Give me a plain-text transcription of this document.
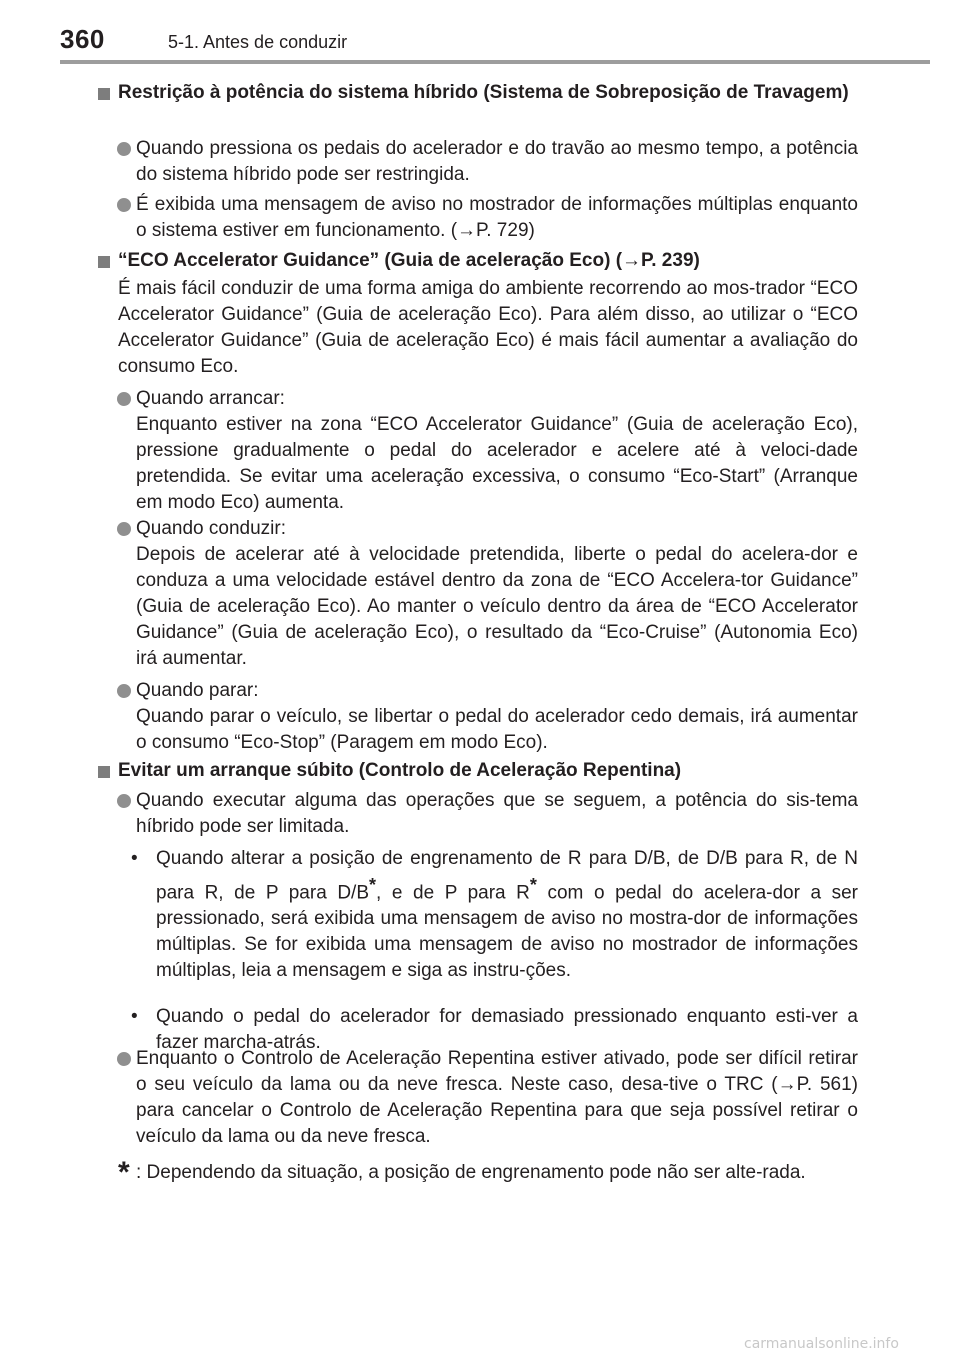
360	5-1. Antes de conduzir
Restrição à potência do sistema híbrido (Sistema de Sobreposição de Travagem)
Quando pressiona os pedais do acelerador e do travão ao mesmo tempo, a potência do sistema híbrido pode ser restringida.
É exibida uma mensagem de aviso no mostrador de informações múltiplas enquanto o sistema estiver em funcionamento. (→P. 729)
“ECO Accelerator Guidance” (Guia de aceleração Eco) (→P. 239)
É mais fácil conduzir de uma forma amiga do ambiente recorrendo ao mos-trador “ECO Accelerator Guidance” (Guia de aceleração Eco). Para além disso, ao utilizar o “ECO Accelerator Guidance” (Guia de aceleração Eco) é mais fácil aumentar a avaliação do consumo Eco.
Quando arrancar:
Enquanto estiver na zona “ECO Accelerator Guidance” (Guia de aceleração Eco), pressione gradualmente o pedal do acelerador e acelere até à veloci-dade pretendida. Se evitar uma aceleração excessiva, o consumo “Eco-Start” (Arranque em modo Eco) aumenta.
Quando conduzir:
Depois de acelerar até à velocidade pretendida, liberte o pedal do acelera-dor e conduza a uma velocidade estável dentro da zona de “ECO Accelera-tor Guidance” (Guia de aceleração Eco). Ao manter o veículo dentro da área de “ECO Accelerator Guidance” (Guia de aceleração Eco), o resultado da “Eco-Cruise” (Autonomia Eco) irá aumentar.
Quando parar:
Quando parar o veículo, se libertar o pedal do acelerador cedo demais, irá aumentar o consumo “Eco-Stop” (Paragem em modo Eco).
Evitar um arranque súbito (Controlo de Aceleração Repentina)
Quando executar alguma das operações que se seguem, a potência do sis-tema híbrido pode ser limitada.
• Quando alterar a posição de engrenamento de R para D/B, de D/B para R, de N para R, de P para D/B*, e de P para R* com o pedal do acelera-dor a ser pressionado, será exibida uma mensagem de aviso no mostra-dor de informações múltiplas. Se for exibida uma mensagem de aviso no mostrador de informações múltiplas, leia a mensagem e siga as instru-ções.
• Quando o pedal do acelerador for demasiado pressionado enquanto esti-ver a fazer marcha-atrás.
Enquanto o Controlo de Aceleração Repentina estiver ativado, pode ser difícil retirar o seu veículo da lama ou da neve fresca. Neste caso, desa-tive o TRC (→P. 561) para cancelar o Controlo de Aceleração Repentina para que seja possível retirar o veículo da lama ou da neve fresca.
* : Dependendo da situação, a posição de engrenamento pode não ser alte-rada.
carmanualsonline.info
